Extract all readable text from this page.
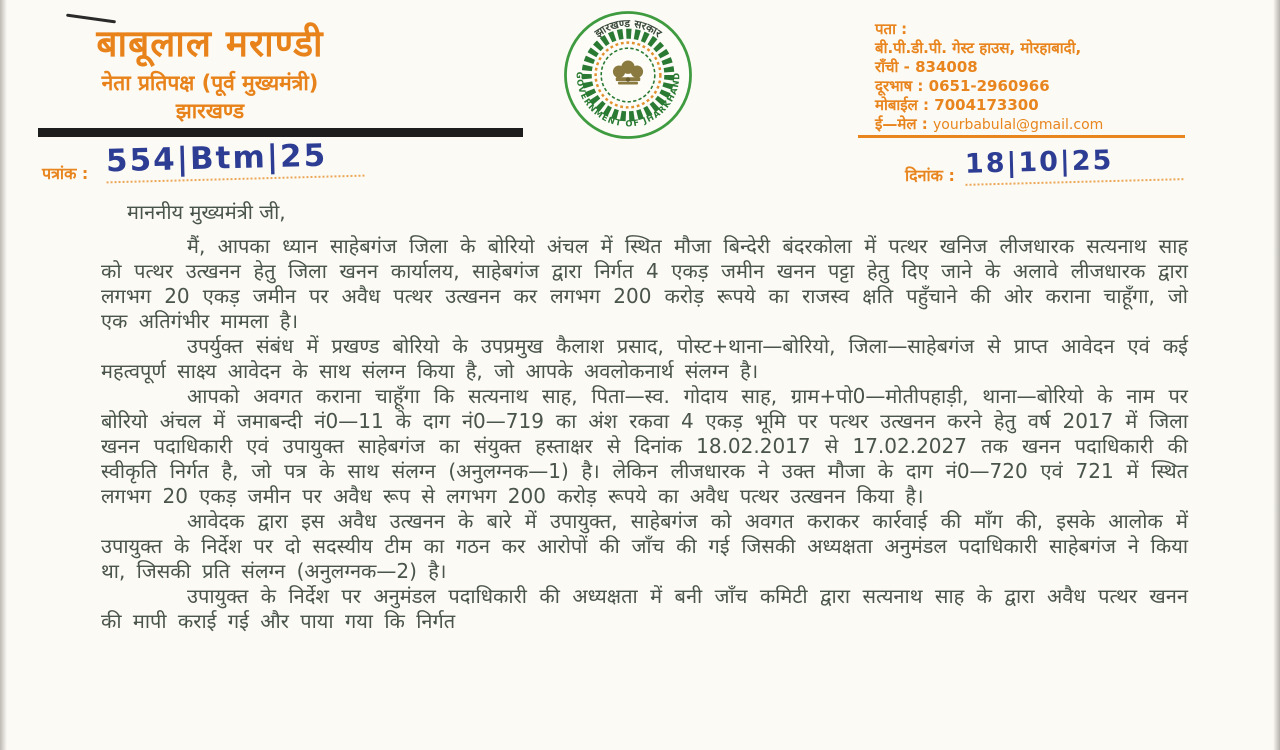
बाबूलाल मराण्डी
नेता प्रतिपक्ष (पूर्व मुख्यमंत्री)
झारखण्ड
झारखण्ड सरकार
GOVERNMENT OF JHARKHAND
पता :
बी.पी.डी.पी. गेस्ट हाउस, मोरहाबादी,
राँची - 834008
दूरभाष : 0651-2960966
मोबाईल : 7004173300
ई—मेल : yourbabulal@gmail.com
पत्रांक : 554|Btm|25	दिनांक : 18|10|25
माननीय मुख्यमंत्री जी,

मैं, आपका ध्यान साहेबगंज जिला के बोरियो अंचल में स्थित मौजा बिन्देरी बंदरकोला में पत्थर खनिज लीजधारक सत्यनाथ साह को पत्थर उत्खनन हेतु जिला खनन कार्यालय, साहेबगंज द्वारा निर्गत 4 एकड़ जमीन खनन पट्टा हेतु दिए जाने के अलावे लीजधारक द्वारा लगभग 20 एकड़ जमीन पर अवैध पत्थर उत्खनन कर लगभग 200 करोड़ रूपये का राजस्व क्षति पहुँचाने की ओर कराना चाहूँगा, जो एक अतिगंभीर मामला है।

उपर्युक्त संबंध में प्रखण्ड बोरियो के उपप्रमुख कैलाश प्रसाद, पोस्ट+थाना—बोरियो, जिला—साहेबगंज से प्राप्त आवेदन एवं कई महत्वपूर्ण साक्ष्य आवेदन के साथ संलग्न किया है, जो आपके अवलोकनार्थ संलग्न है।

आपको अवगत कराना चाहूँगा कि सत्यनाथ साह, पिता—स्व. गोदाय साह, ग्राम+पो0—मोतीपहाड़ी, थाना—बोरियो के नाम पर बोरियो अंचल में जमाबन्दी नं0—11 के दाग नं0—719 का अंश रकवा 4 एकड़ भूमि पर पत्थर उत्खनन करने हेतु वर्ष 2017 में जिला खनन पदाधिकारी एवं उपायुक्त साहेबगंज का संयुक्त हस्ताक्षर से दिनांक 18.02.2017 से 17.02.2027 तक खनन पदाधिकारी की स्वीकृति निर्गत है, जो पत्र के साथ संलग्न (अनुलग्नक—1) है। लेकिन लीजधारक ने उक्त मौजा के दाग नं0—720 एवं 721 में स्थित लगभग 20 एकड़ जमीन पर अवैध रूप से लगभग 200 करोड़ रूपये का अवैध पत्थर उत्खनन किया है।

आवेदक द्वारा इस अवैध उत्खनन के बारे में उपायुक्त, साहेबगंज को अवगत कराकर कार्रवाई की माँग की, इसके आलोक में उपायुक्त के निर्देश पर दो सदस्यीय टीम का गठन कर आरोपों की जाँच की गई जिसकी अध्यक्षता अनुमंडल पदाधिकारी साहेबगंज ने किया था, जिसकी प्रति संलग्न (अनुलग्नक—2) है।

उपायुक्त के निर्देश पर अनुमंडल पदाधिकारी की अध्यक्षता में बनी जाँच कमिटी द्वारा सत्यनाथ साह के द्वारा अवैध पत्थर खनन की मापी कराई गई और पाया गया कि निर्गत
